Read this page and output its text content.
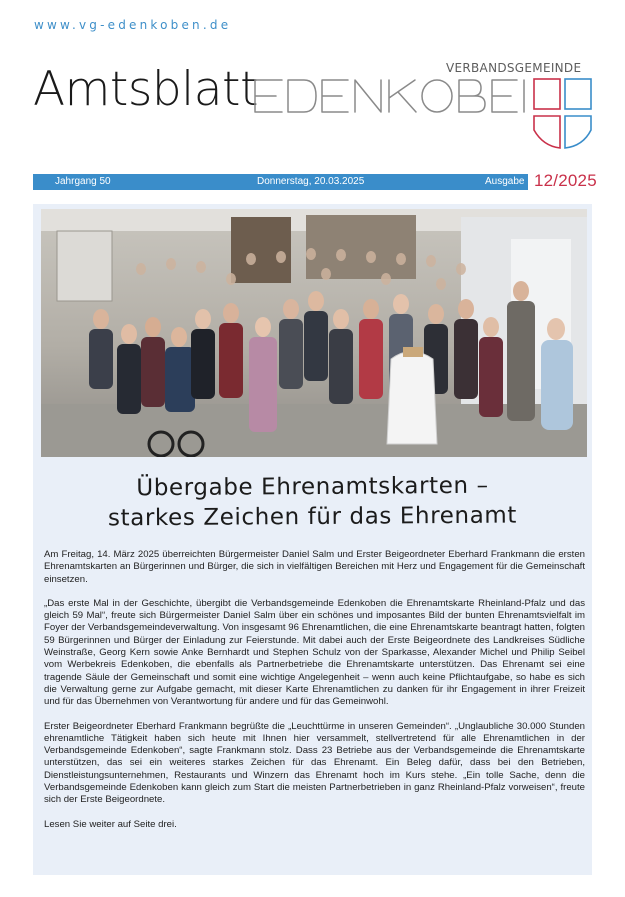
www.vg-edenkoben.de
Amtsblatt	VERBANDSGEMEINDE
Jahrgang 50	Donnerstag, 20.03.2025	Ausgabe 12/2025
Übergabe Ehrenamtskarten –
starkes Zeichen für das Ehrenamt

Am Freitag, 14. März 2025 überreichten Bürgermeister Daniel Salm und Erster Beigeordneter Eberhard Frankmann die ersten Ehrenamtskarten an Bürgerinnen und Bürger, die sich in vielfältigen Bereichen mit Herz und Engagement für die Gemeinschaft einsetzen.

„Das erste Mal in der Geschichte, übergibt die Verbandsgemeinde Edenkoben die Ehrenamtskarte Rheinland-Pfalz und das gleich 59 Mal“, freute sich Bürgermeister Daniel Salm über ein schönes und imposantes Bild der bunten Ehrenamtsvielfalt im Foyer der Verbandsgemeindeverwaltung. Von insgesamt 96 Ehrenamtlichen, die eine Ehrenamtskarte beantragt hatten, folgten 59 Bürgerinnen und Bürger der Einladung zur Feierstunde. Mit dabei auch der Erste Beigeordnete des Landkreises Südliche Weinstraße, Georg Kern sowie Anke Bernhardt und Stephen Schulz von der Sparkasse, Alexander Michel und Philip Seibel vom Werbekreis Edenkoben, die ebenfalls als Partnerbetriebe die Ehrenamtskarte unterstützen. Das Ehrenamt sei eine tragende Säule der Gemeinschaft und somit eine wichtige Angelegenheit – wenn auch keine Pflichtaufgabe, so habe es sich die Verwaltung gerne zur Aufgabe gemacht, mit dieser Karte Ehrenamtlichen zu danken für ihr Engagement in ihrer Freizeit und für das Übernehmen von Verantwortung für andere und für das Gemeinwohl.

Erster Beigeordneter Eberhard Frankmann begrüßte die „Leuchttürme in unseren Gemeinden“. „Unglaubliche 30.000 Stunden ehrenamtliche Tätigkeit haben sich heute mit Ihnen hier versammelt, stellvertretend für alle Ehrenamtlichen in der Verbandsgemeinde Edenkoben“, sagte Frankmann stolz. Dass 23 Betriebe aus der Verbandsgemeinde die Ehrenamtskarte unterstützen, das sei ein weiteres starkes Zeichen für das Ehrenamt. Ein Beleg dafür, dass bei den Betrieben, Dienstleistungsunternehmen, Restaurants und Winzern das Ehrenamt hoch im Kurs stehe. „Ein tolle Sache, denn die Verbandsgemeinde Edenkoben kann gleich zum Start die meisten Partnerbetrieben in ganz Rheinland-Pfalz vorweisen“, freute sich der Erste Beigeordnete.

Lesen Sie weiter auf Seite drei.
